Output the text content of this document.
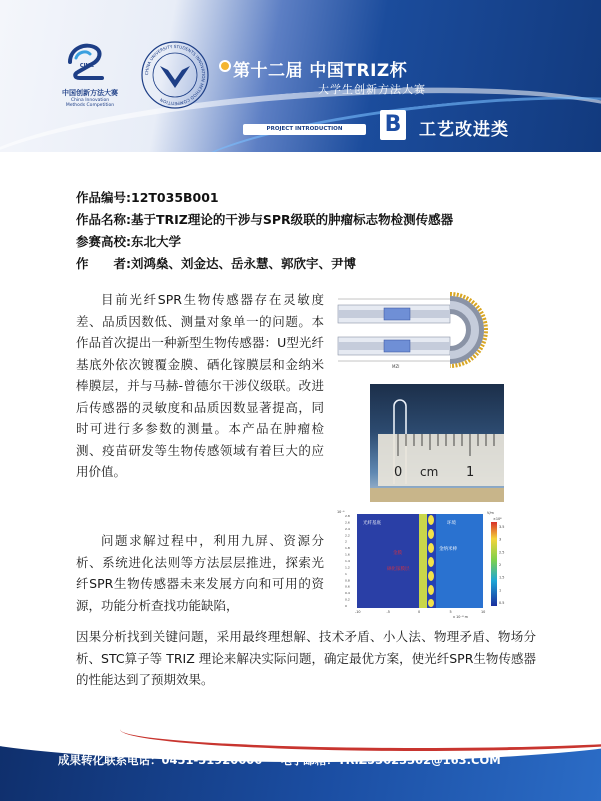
CIMC
中国创新方法大赛
China Innovation
Methods Competition
CHINA UNIVERSITY STUDENTS INNOVATION METHOD COMPETITION
第十二届 中国TRIZ杯
大学生创新方法大赛
PROJECT INTRODUCTION	B 工艺改进类
作品编号:12T035B001
作品名称:基于TRIZ理论的干涉与SPR级联的肿瘤标志物检测传感器
参赛高校:东北大学
作　　者:刘鸿燊、刘金达、岳永慧、郭欣宇、尹博
目前光纤SPR生物传感器存在灵敏度差、品质因数低、测量对象单一的问题。本作品首次提出一种新型生物传感器：U型光纤基底外依次镀覆金膜、硒化镓膜层和金纳米棒膜层，并与马赫-曾德尔干涉仪级联。改进后传感器的灵敏度和品质因数显著提高，同时可进行多参数的测量。本产品在肿瘤检测、疫苗研发等生物传感领域有着巨大的应用价值。
问题求解过程中，利用九屏、资源分析、系统进化法则等方法层层推进，探索光纤SPR生物传感器未来发展方向和可用的资源，功能分析查找功能缺陷，
因果分析找到关键问题，采用最终理想解、技术矛盾、小人法、物理矛盾、物场分析、STC算子等 TRIZ 理论来解决实际问题，确定最优方案，使光纤SPR生物传感器的性能达到了预期效果。
MZI
0 cm 1
光纤基底	环境
金膜
硒化镓膜层
金纳米棒
2.8
2.6
2.4
2.2
2
1.8
1.6
1.4
1.2
1
0.8
0.6
0.4
0.2
0
-10	-5	0	5	10
10⁻⁶
x 10⁻⁸ m
V/m
×10⁸
3.5
3
2.5
2
1.5
1
0.5
成果转化联系电话：0451-51920606 电子邮箱：TRIZ53623302@163.COM
